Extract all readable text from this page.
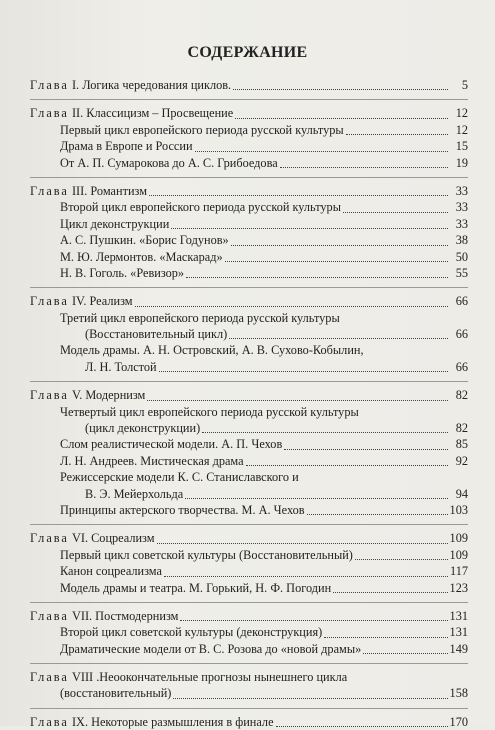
СОДЕРЖАНИЕ
Глава I. Логика чередования циклов.	5
Глава II. Классицизм – Просвещение	12
Первый цикл европейского периода русской культуры	12
Драма в Европе и России	15
От А. П. Сумарокова до А. С. Грибоедова	19
Глава III. Романтизм	33
Второй цикл европейского периода русской культуры	33
Цикл деконструкции	33
А. С. Пушкин. «Борис Годунов»	38
М. Ю. Лермонтов. «Маскарад»	50
Н. В. Гоголь. «Ревизор»	55
Глава IV. Реализм	66
Третий цикл европейского периода русской культуры
(Восстановительный цикл)	66
Модель драмы. А. Н. Островский, А. В. Сухово-Кобылин,
Л. Н. Толстой	66
Глава V. Модернизм	82
Четвертый цикл европейского периода русской культуры
(цикл деконструкции)	82
Слом реалистической модели. А. П. Чехов	85
Л. Н. Андреев. Мистическая драма	92
Режиссерские модели К. С. Станиславского и
В. Э. Мейерхольда	94
Принципы актерского творчества. М. А. Чехов	103
Глава VI. Соцреализм	109
Первый цикл советской культуры (Восстановительный)	109
Канон соцреализма	117
Модель драмы и театра. М. Горький, Н. Ф. Погодин	123
Глава VII. Постмодернизм	131
Второй цикл советской культуры (деконструкция)	131
Драматические модели от В. С. Розова до «новой драмы»	149
Глава VIII .Неоокончательные прогнозы нынешнего цикла
(восстановительный)	158
Глава IX. Некоторые размышления в финале	170
